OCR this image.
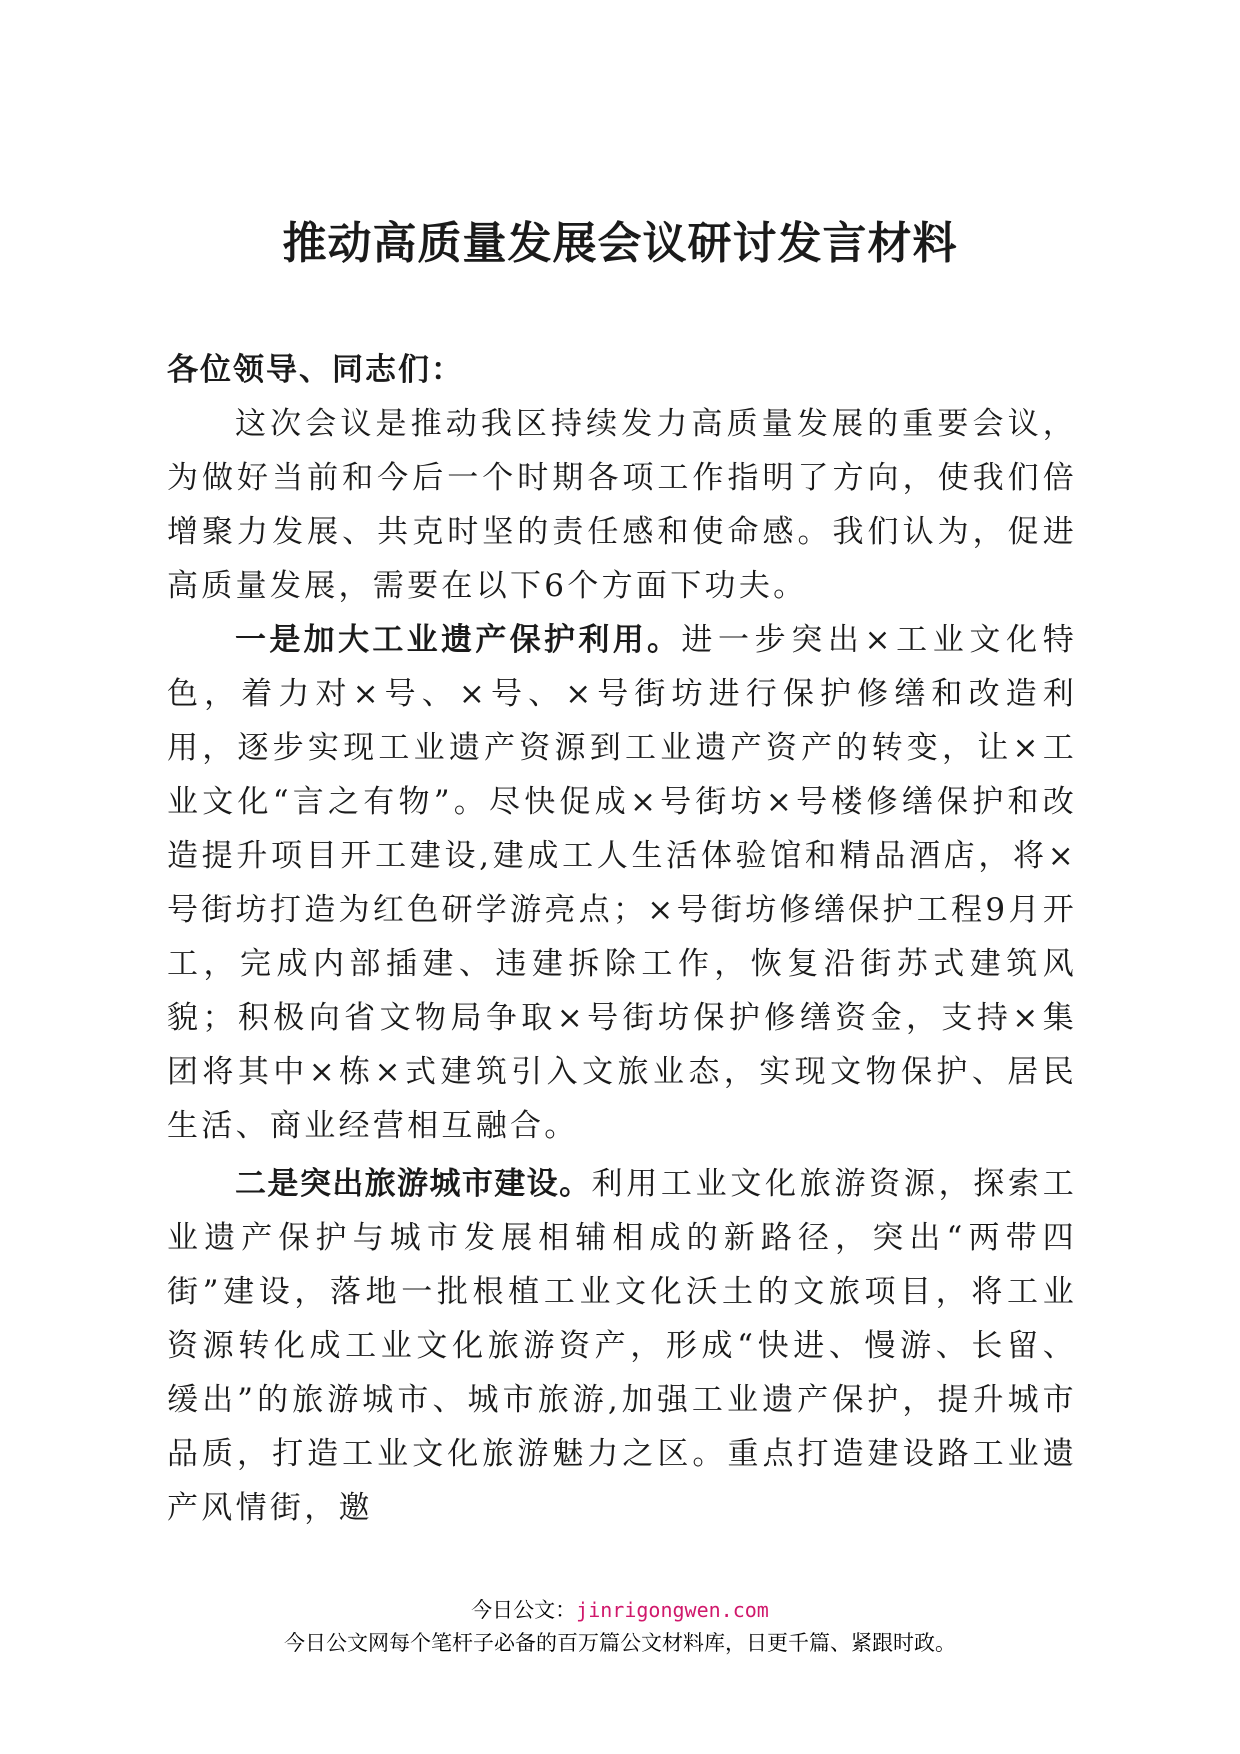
推动高质量发展会议研讨发言材料

各位领导、同志们：

这次会议是推动我区持续发力高质量发展的重要会议，为做好当前和今后一个时期各项工作指明了方向，使我们倍增聚力发展、共克时坚的责任感和使命感。我们认为，促进高质量发展，需要在以下6个方面下功夫。

一是加大工业遗产保护利用。进一步突出×工业文化特色，着力对×号、×号、×号街坊进行保护修缮和改造利用，逐步实现工业遗产资源到工业遗产资产的转变，让×工业文化“言之有物”。尽快促成×号街坊×号楼修缮保护和改造提升项目开工建设,建成工人生活体验馆和精品酒店，将×号街坊打造为红色研学游亮点；×号街坊修缮保护工程9月开工，完成内部插建、违建拆除工作，恢复沿街苏式建筑风貌；积极向省文物局争取×号街坊保护修缮资金，支持×集团将其中×栋×式建筑引入文旅业态，实现文物保护、居民生活、商业经营相互融合。

二是突出旅游城市建设。利用工业文化旅游资源，探索工业遗产保护与城市发展相辅相成的新路径，突出“两带四街”建设，落地一批根植工业文化沃土的文旅项目，将工业资源转化成工业文化旅游资产，形成“快进、慢游、长留、缓出”的旅游城市、城市旅游,加强工业遗产保护，提升城市品质，打造工业文化旅游魅力之区。重点打造建设路工业遗产风情街，邀

今日公文：jinrigongwen.com

今日公文网每个笔杆子必备的百万篇公文材料库，日更千篇、紧跟时政。
